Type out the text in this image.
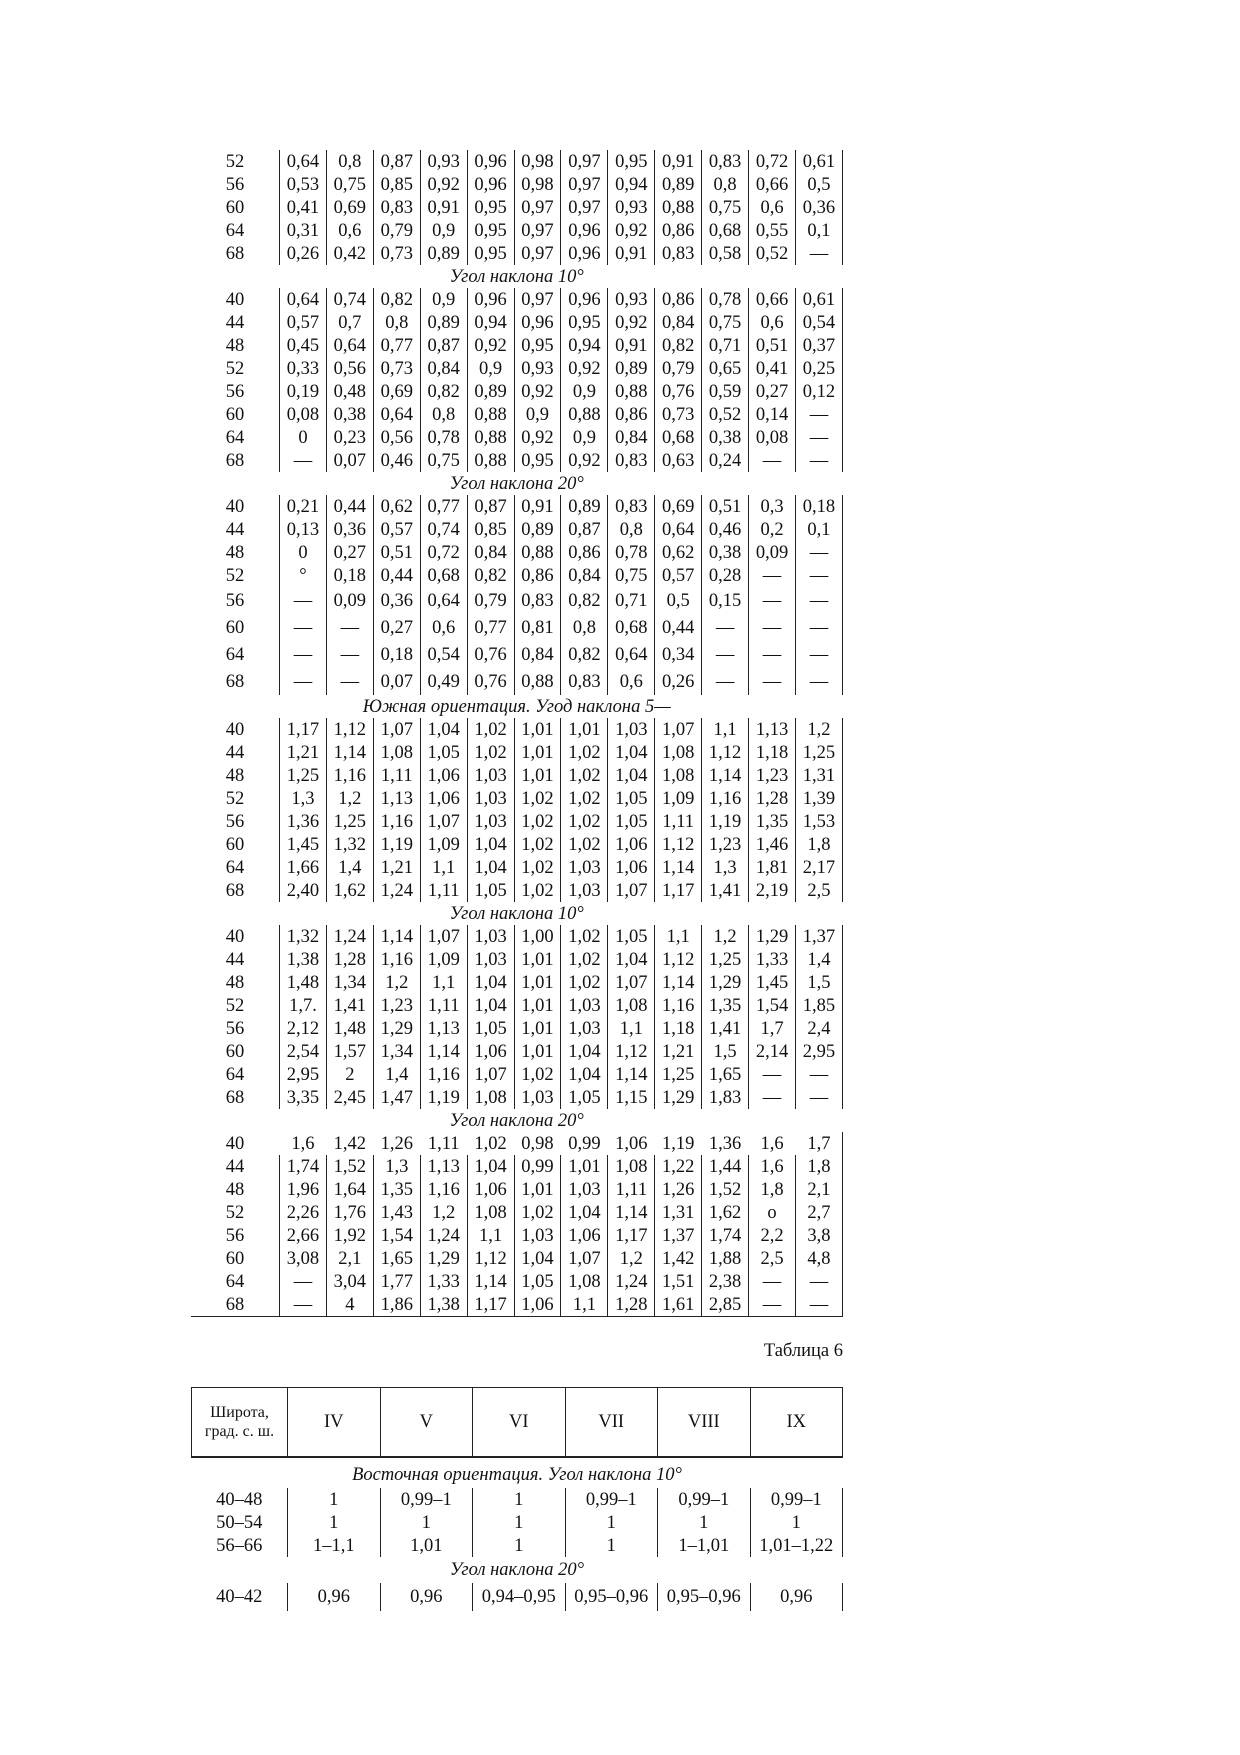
52	0,64	0,8	0,87	0,93	0,96	0,98	0,97	0,95	0,91	0,83	0,72	0,61
56	0,53	0,75	0,85	0,92	0,96	0,98	0,97	0,94	0,89	0,8	0,66	0,5
60	0,41	0,69	0,83	0,91	0,95	0,97	0,97	0,93	0,88	0,75	0,6	0,36
64	0,31	0,6	0,79	0,9	0,95	0,97	0,96	0,92	0,86	0,68	0,55	0,1
68	0,26	0,42	0,73	0,89	0,95	0,97	0,96	0,91	0,83	0,58	0,52	—
Угол наклона 10°												
40	0,64	0,74	0,82	0,9	0,96	0,97	0,96	0,93	0,86	0,78	0,66	0,61
44	0,57	0,7	0,8	0,89	0,94	0,96	0,95	0,92	0,84	0,75	0,6	0,54
48	0,45	0,64	0,77	0,87	0,92	0,95	0,94	0,91	0,82	0,71	0,51	0,37
52	0,33	0,56	0,73	0,84	0,9	0,93	0,92	0,89	0,79	0,65	0,41	0,25
56	0,19	0,48	0,69	0,82	0,89	0,92	0,9	0,88	0,76	0,59	0,27	0,12
60	0,08	0,38	0,64	0,8	0,88	0,9	0,88	0,86	0,73	0,52	0,14	—
64	0	0,23	0,56	0,78	0,88	0,92	0,9	0,84	0,68	0,38	0,08	—
68	—	0,07	0,46	0,75	0,88	0,95	0,92	0,83	0,63	0,24	—	—
Угол наклона 20°												
40	0,21	0,44	0,62	0,77	0,87	0,91	0,89	0,83	0,69	0,51	0,3	0,18
44	0,13	0,36	0,57	0,74	0,85	0,89	0,87	0,8	0,64	0,46	0,2	0,1
48	0	0,27	0,51	0,72	0,84	0,88	0,86	0,78	0,62	0,38	0,09	—
52	°	0,18	0,44	0,68	0,82	0,86	0,84	0,75	0,57	0,28	—	—
56	—	0,09	0,36	0,64	0,79	0,83	0,82	0,71	0,5	0,15	—	—
60	—	—	0,27	0,6	0,77	0,81	0,8	0,68	0,44	—	—	—
64	—	—	0,18	0,54	0,76	0,84	0,82	0,64	0,34	—	—	—
68	—	—	0,07	0,49	0,76	0,88	0,83	0,6	0,26	—	—	—
Южная ориентация. Угод наклона 5—												
40	1,17	1,12	1,07	1,04	1,02	1,01	1,01	1,03	1,07	1,1	1,13	1,2
44	1,21	1,14	1,08	1,05	1,02	1,01	1,02	1,04	1,08	1,12	1,18	1,25
48	1,25	1,16	1,11	1,06	1,03	1,01	1,02	1,04	1,08	1,14	1,23	1,31
52	1,3	1,2	1,13	1,06	1,03	1,02	1,02	1,05	1,09	1,16	1,28	1,39
56	1,36	1,25	1,16	1,07	1,03	1,02	1,02	1,05	1,11	1,19	1,35	1,53
60	1,45	1,32	1,19	1,09	1,04	1,02	1,02	1,06	1,12	1,23	1,46	1,8
64	1,66	1,4	1,21	1,1	1,04	1,02	1,03	1,06	1,14	1,3	1,81	2,17
68	2,40	1,62	1,24	1,11	1,05	1,02	1,03	1,07	1,17	1,41	2,19	2,5
Угол наклона 10°												
40	1,32	1,24	1,14	1,07	1,03	1,00	1,02	1,05	1,1	1,2	1,29	1,37
44	1,38	1,28	1,16	1,09	1,03	1,01	1,02	1,04	1,12	1,25	1,33	1,4
48	1,48	1,34	1,2	1,1	1,04	1,01	1,02	1,07	1,14	1,29	1,45	1,5
52	1,7.	1,41	1,23	1,11	1,04	1,01	1,03	1,08	1,16	1,35	1,54	1,85
56	2,12	1,48	1,29	1,13	1,05	1,01	1,03	1,1	1,18	1,41	1,7	2,4
60	2,54	1,57	1,34	1,14	1,06	1,01	1,04	1,12	1,21	1,5	2,14	2,95
64	2,95	2	1,4	1,16	1,07	1,02	1,04	1,14	1,25	1,65	—	—
68	3,35	2,45	1,47	1,19	1,08	1,03	1,05	1,15	1,29	1,83	—	—
Угол наклона 20°												
40	1,6	1,42	1,26	1,11	1,02	0,98	0,99	1,06	1,19	1,36	1,6	1,7
44	1,74	1,52	1,3	1,13	1,04	0,99	1,01	1,08	1,22	1,44	1,6	1,8
48	1,96	1,64	1,35	1,16	1,06	1,01	1,03	1,11	1,26	1,52	1,8	2,1
52	2,26	1,76	1,43	1,2	1,08	1,02	1,04	1,14	1,31	1,62	о	2,7
56	2,66	1,92	1,54	1,24	1,1	1,03	1,06	1,17	1,37	1,74	2,2	3,8
60	3,08	2,1	1,65	1,29	1,12	1,04	1,07	1,2	1,42	1,88	2,5	4,8
64	—	3,04	1,77	1,33	1,14	1,05	1,08	1,24	1,51	2,38	—	—
68	—	4	1,86	1,38	1,17	1,06	1,1	1,28	1,61	2,85	—	—
Таблица 6
Широта, град. с. ш.	IV	V	VI	VII	VIII	IX
Восточная ориентация. Угол наклона 10°						
40–48	1	0,99–1	1	0,99–1	0,99–1	0,99–1
50–54	1	1	1	1	1	1
56–66	1–1,1	1,01	1	1	1–1,01	1,01–1,22
Угол наклона 20°						
40–42	0,96	0,96	0,94–0,95	0,95–0,96	0,95–0,96	0,96
